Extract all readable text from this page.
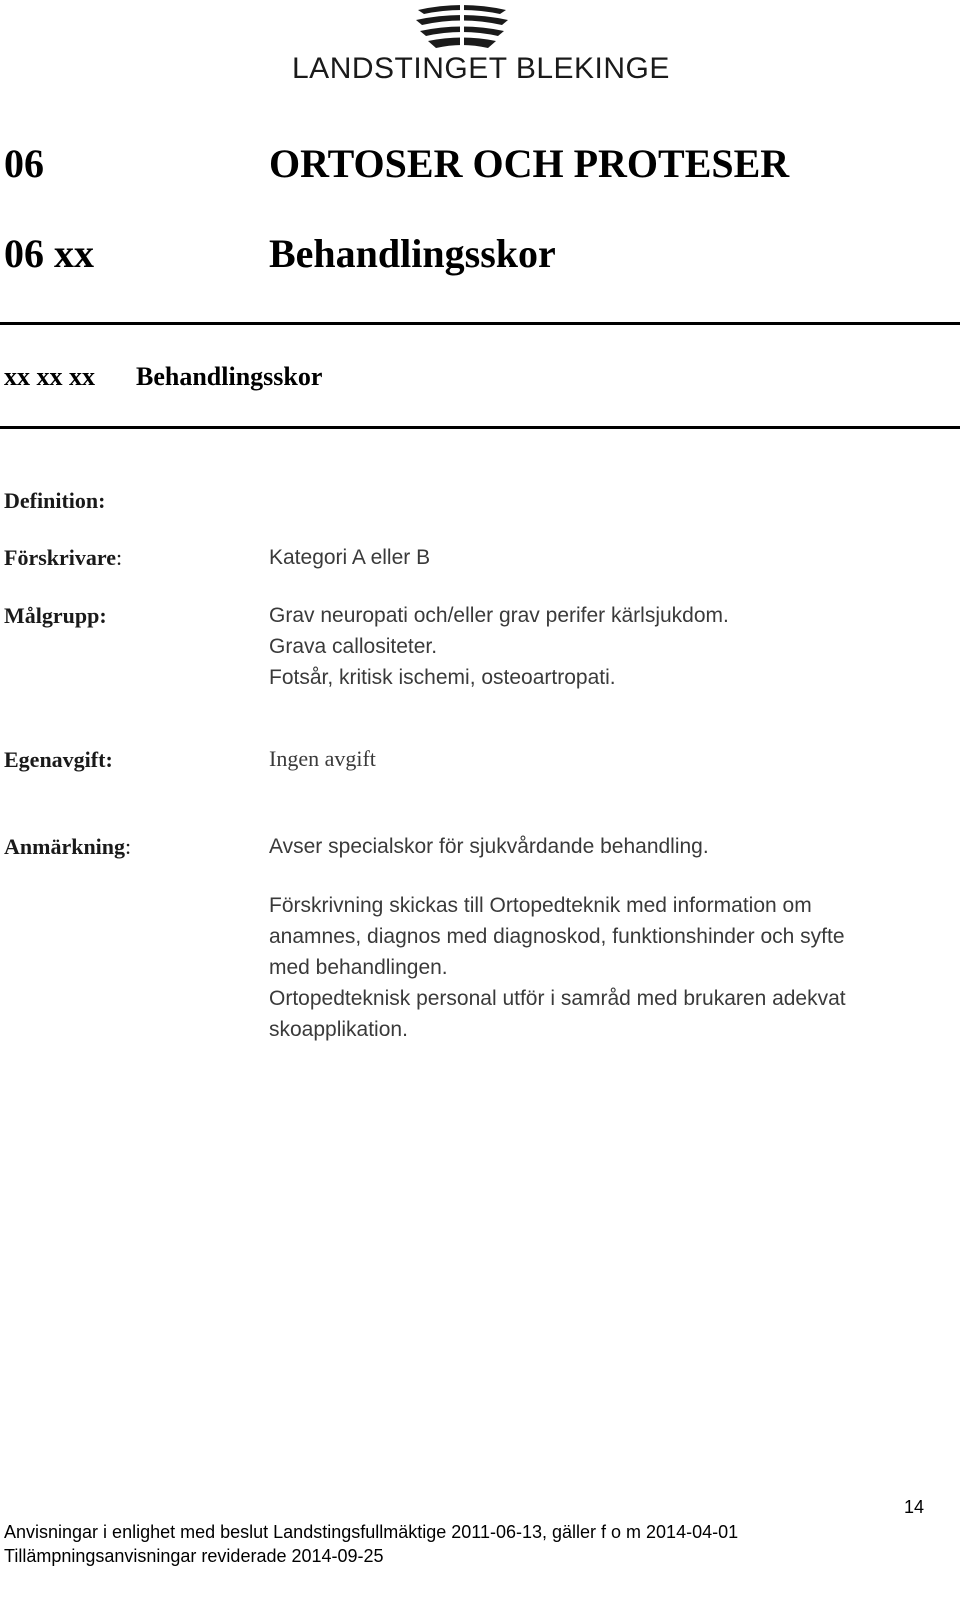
LANDSTINGET BLEKINGE
06	ORTOSER OCH PROTESER
06 xx	Behandlingsskor
xx xx xx Behandlingsskor
Definition:
Förskrivare:	Kategori A eller B
Målgrupp:	Grav neuropati och/eller grav perifer kärlsjukdom.
Grava callositeter.
Fotsår, kritisk ischemi, osteoartropati.
Egenavgift:	Ingen avgift
Anmärkning:	Avser specialskor för sjukvårdande behandling.
Förskrivning skickas till Ortopedteknik med information om
anamnes, diagnos med diagnoskod, funktionshinder och syfte
med behandlingen.
Ortopedteknisk personal utför i samråd med brukaren adekvat
skoapplikation.
14
Anvisningar i enlighet med beslut Landstingsfullmäktige 2011-06-13, gäller f o m 2014-04-01
Tillämpningsanvisningar reviderade 2014-09-25
